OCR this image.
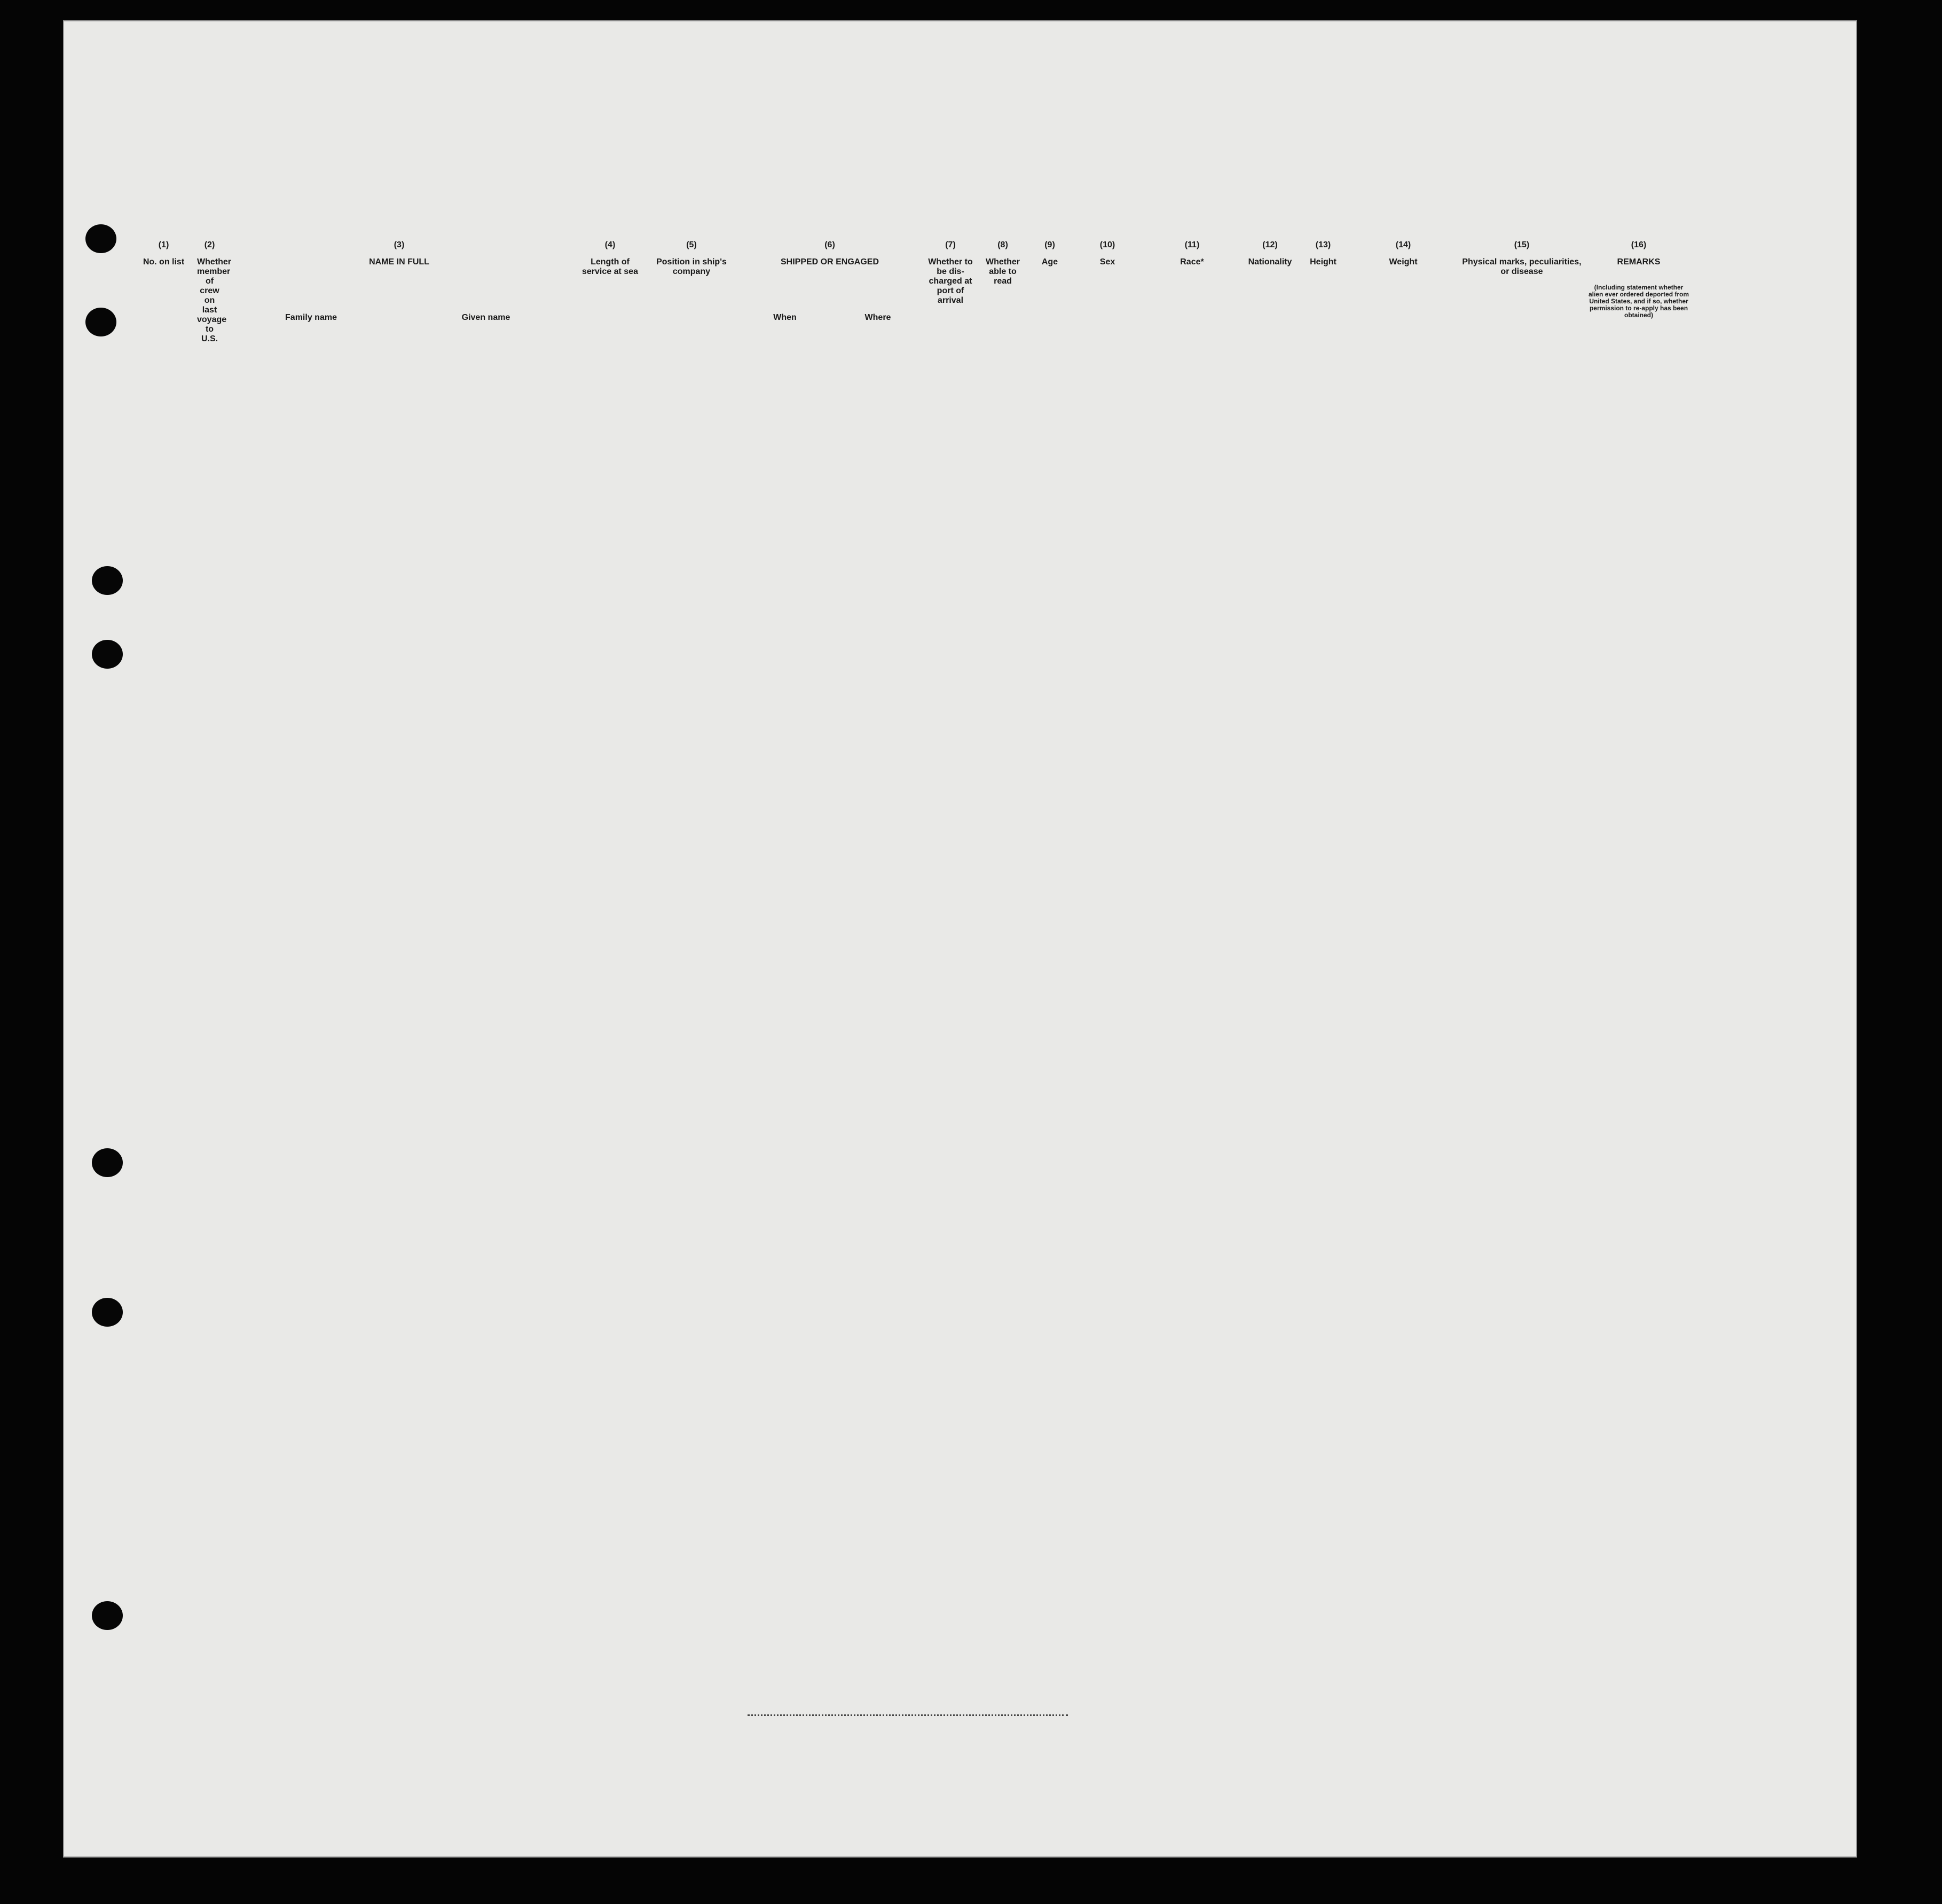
(1)
No. on list
(2)
Whether member of crew on last voyage to U.S.
(3)
NAME IN FULL
Family name	Given name
(4)
Length of service at sea
(5)
Position in ship's company
(6)
SHIPPED OR ENGAGED
When	Where
(7)
Whether to be dis-charged at port of arrival
(8)
Whether able to read
(9)
Age
(10)
Sex
(11)
Race*
(12)
Nationality
(13)
Height
(14)
Weight
(15)
Physical marks, peculiarities, or disease
(16)
REMARKS
(Including statement whether alien ever ordered deported from United States, and if so, whether permission to re-apply has been obtained)
